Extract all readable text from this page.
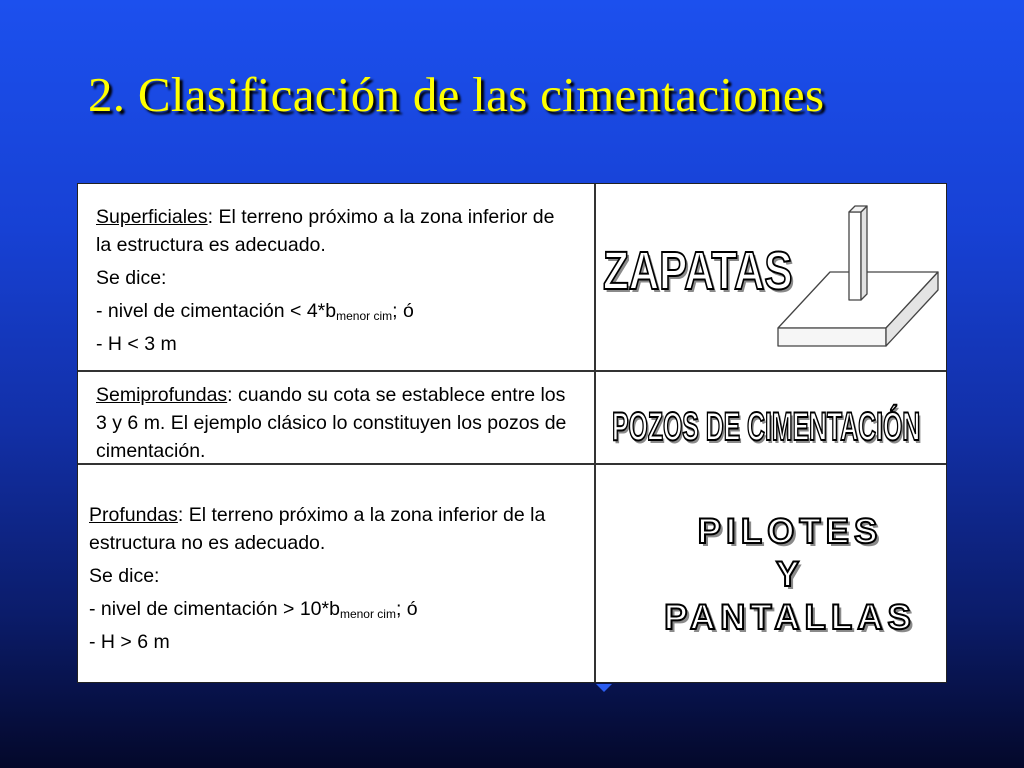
2. Clasificación de las cimentaciones

Superficiales: El terreno próximo a la zona inferior de la estructura es adecuado.

Se dice:

- nivel de cimentación < $4*b_{menor cim}$; ó

- H < 3 m

Semiprofundas: cuando su cota se establece entre los 3 y 6 m. El ejemplo clásico lo constituyen los pozos de cimentación.

Profundas: El terreno próximo a la zona inferior de la estructura no es adecuado.

Se dice:

- nivel de cimentación > $10*b_{menor cim}$; ó

- H > 6 m

ZAPATAS
POZOS DE CIMENTACIÓN
PILOTES
Y
PANTALLAS
